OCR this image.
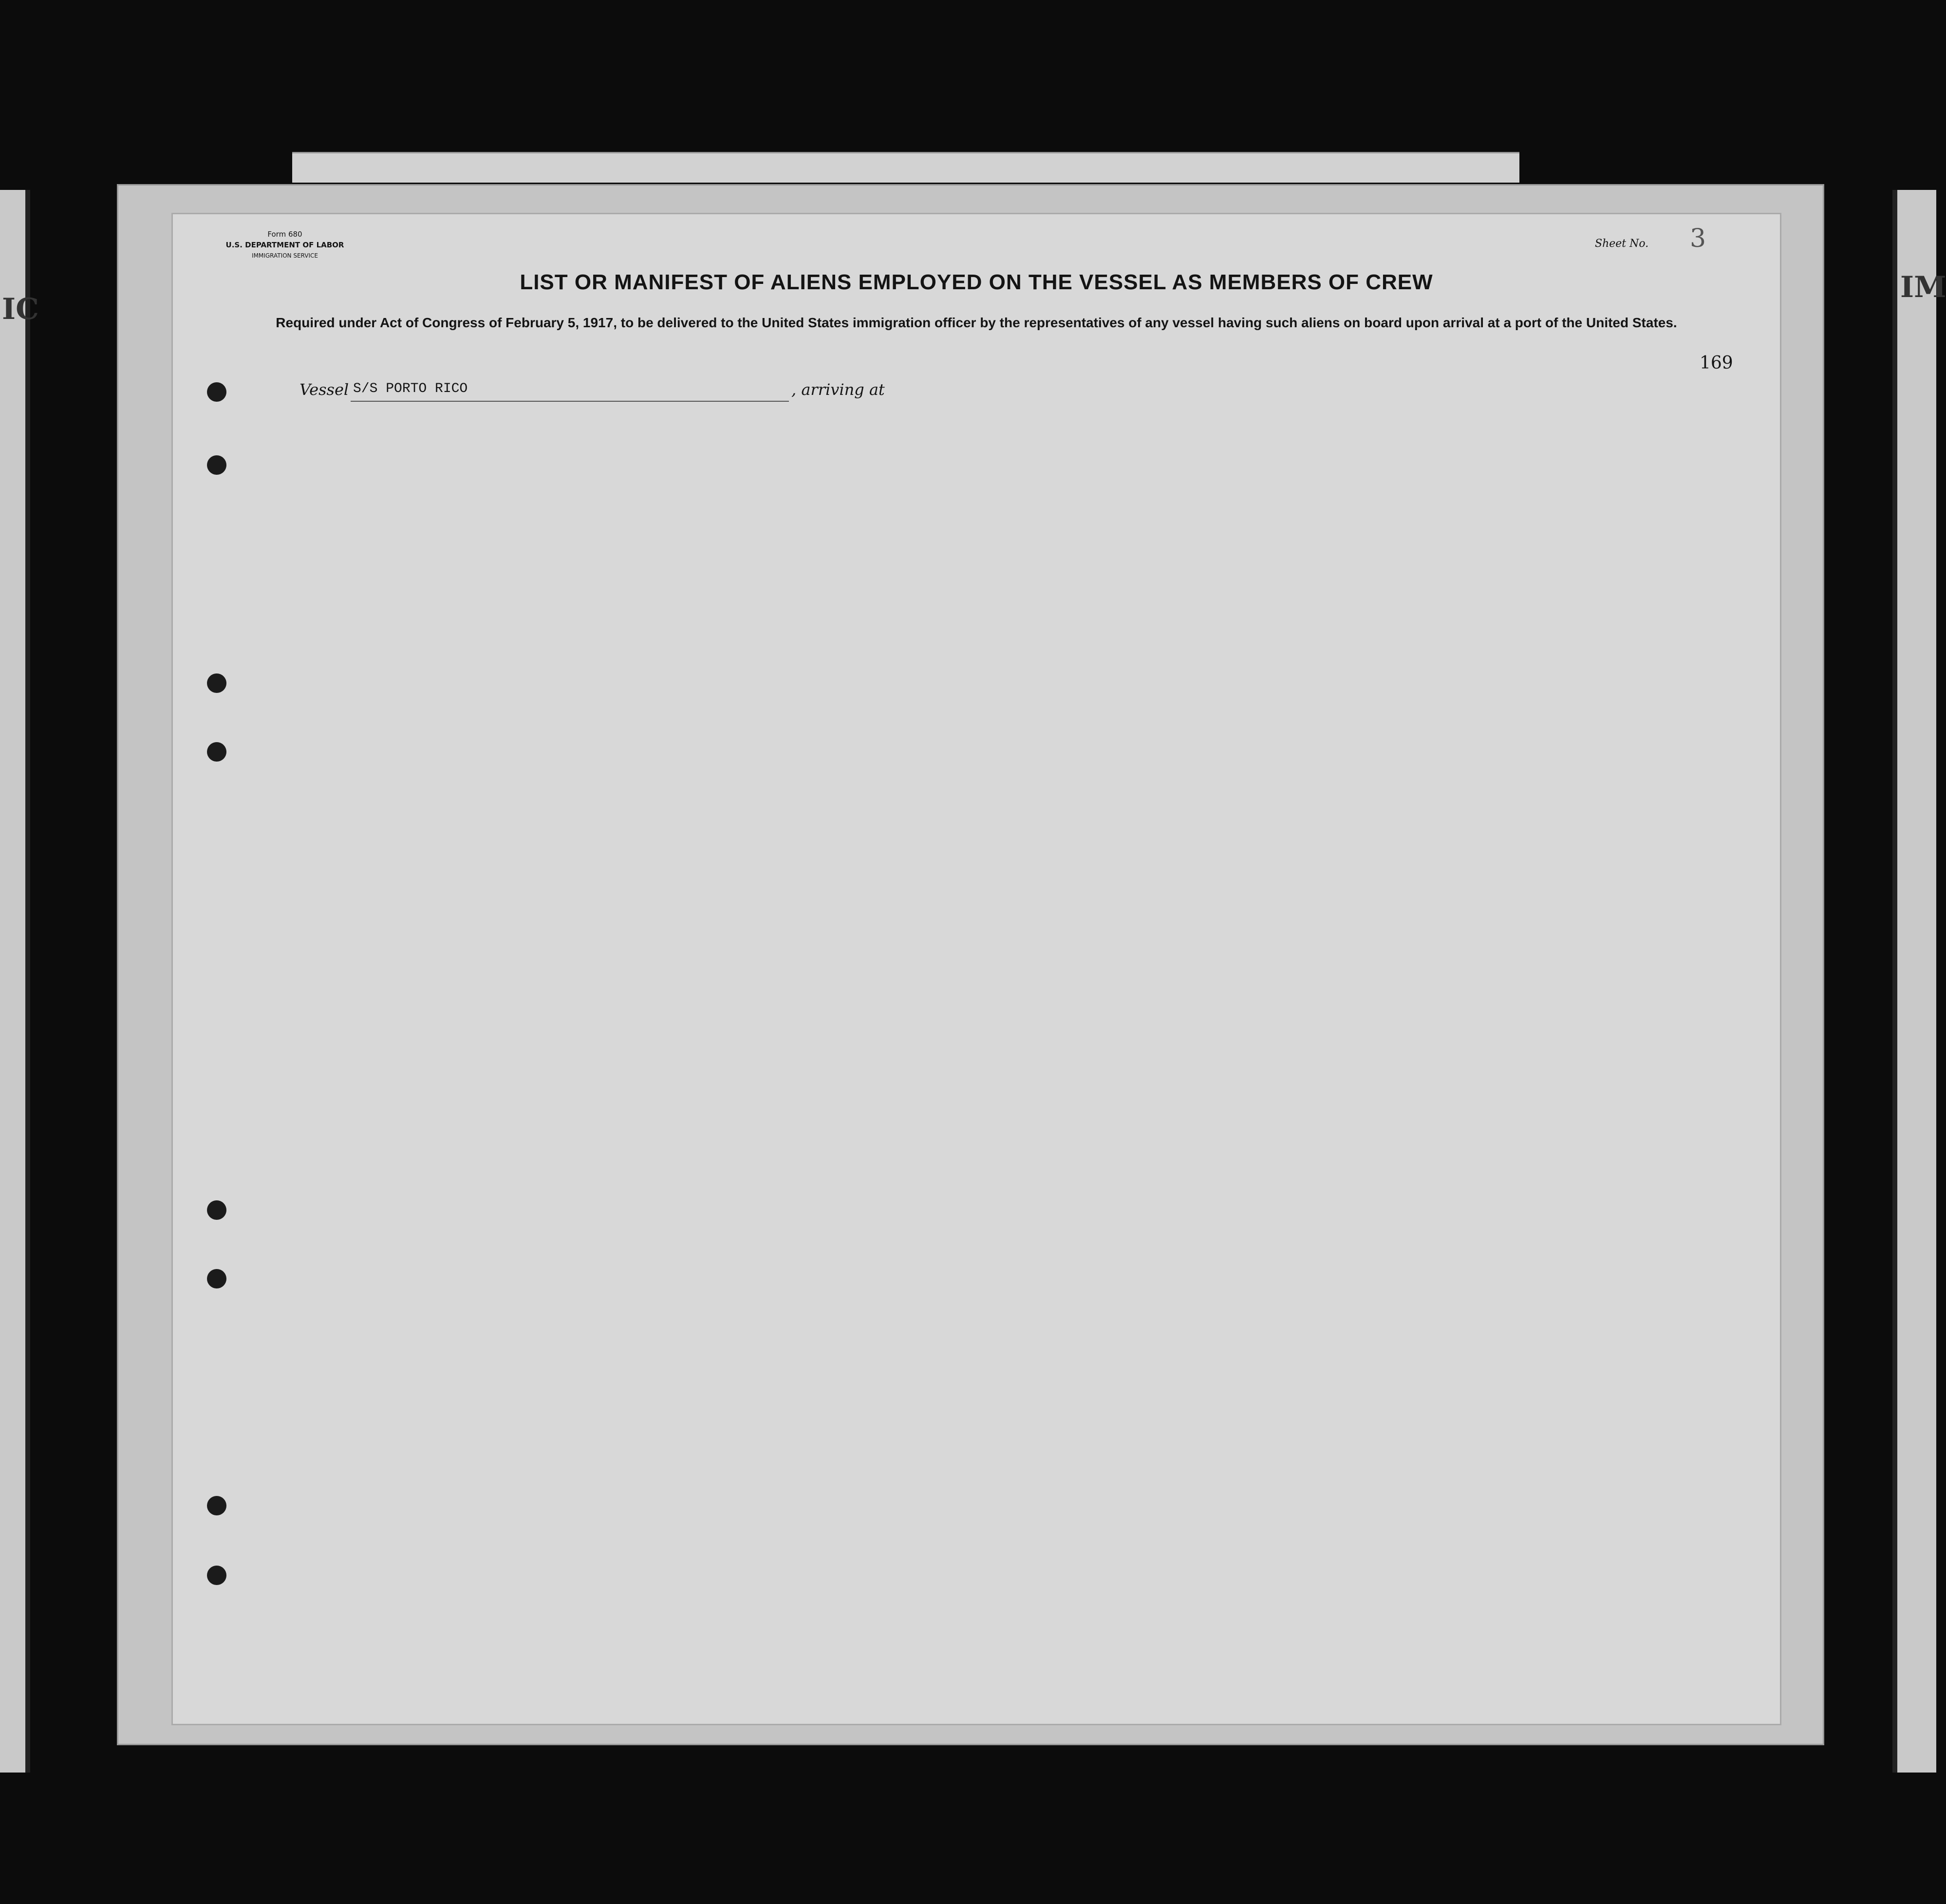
IC
IM
Form 680
U.S. DEPARTMENT OF LABOR
IMMIGRATION SERVICE
Sheet No. 3
LIST OR MANIFEST OF ALIENS EMPLOYED ON THE VESSEL AS MEMBERS OF CREW
Required under Act of Congress of February 5, 1917, to be delivered to the United States immigration officer by the representatives of any vessel having such aliens on board upon arrival at a port of the United States.
169
Vessel S/S PORTO RICO	, arriving at
